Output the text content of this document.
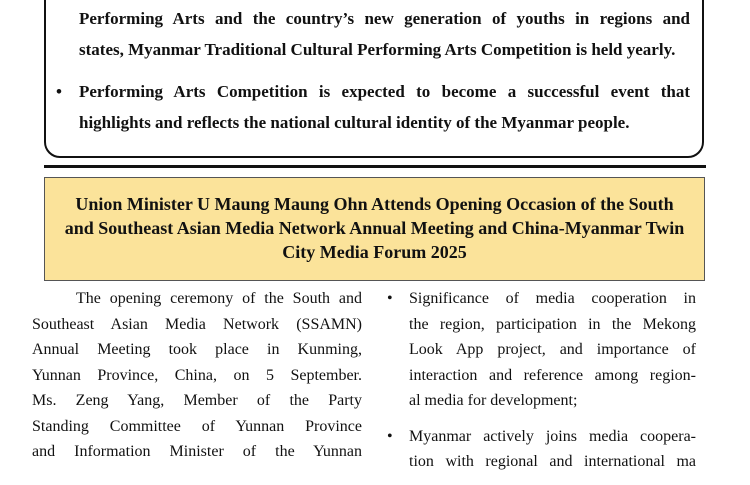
Performing Arts and the country’s new generation of youths in regions and
states, Myanmar Traditional Cultural Performing Arts Competition is held yearly.
• Performing Arts Competition is expected to become a successful event that
highlights and reflects the national cultural identity of the Myanmar people.
Union Minister U Maung Maung Ohn Attends Opening Occasion of the South
and Southeast Asian Media Network Annual Meeting and China-Myanmar Twin
City Media Forum 2025

The opening ceremony of the South and
Southeast Asian Media Network (SSAMN)
Annual Meeting took place in Kunming,
Yunnan Province, China, on 5 September.
Ms. Zeng Yang, Member of the Party
Standing Committee of Yunnan Province
and Information Minister of the Yunnan

• Significance of media cooperation in
the region, participation in the Mekong
Look App project, and importance of
interaction and reference among region-
al media for development;
• Myanmar actively joins media coopera-
tion with regional and international ma
